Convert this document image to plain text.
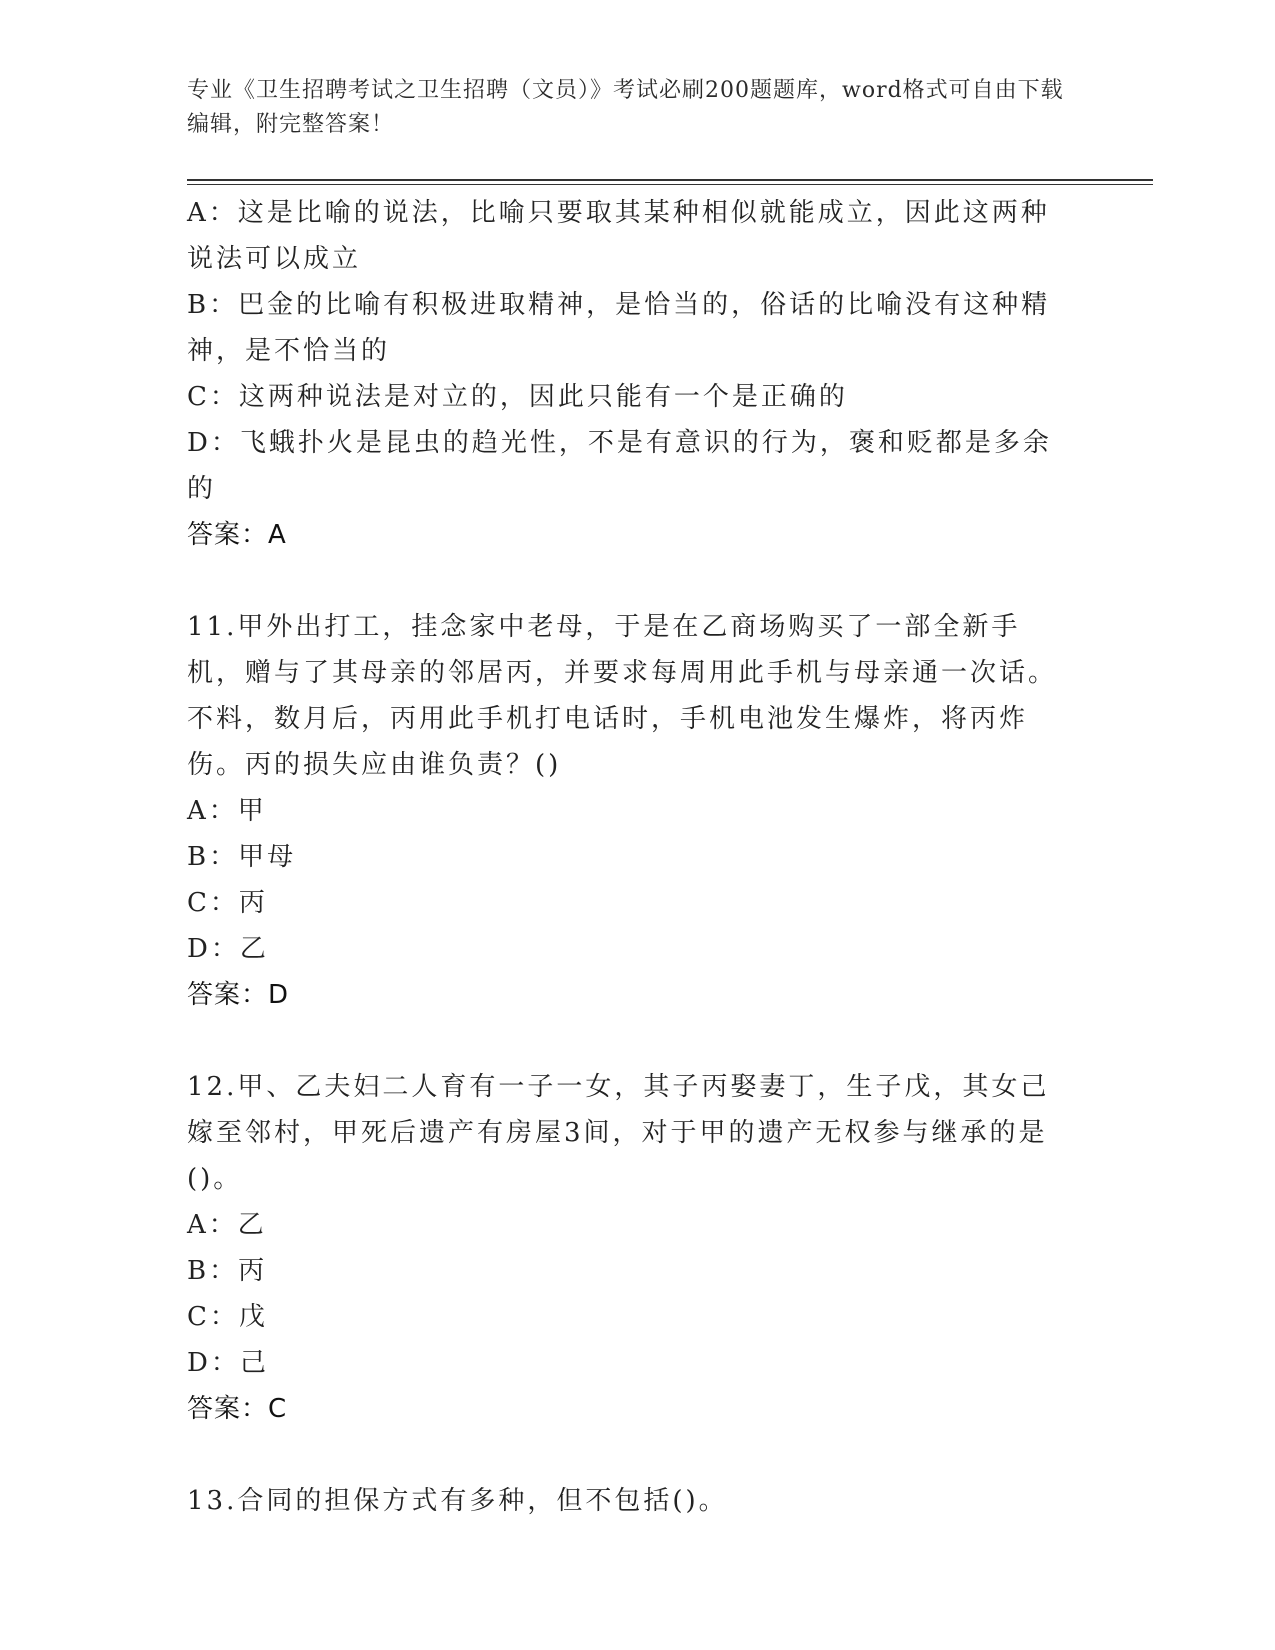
专业《卫生招聘考试之卫生招聘（文员）》考试必刷200题题库，word格式可自由下载编辑，附完整答案！

A：这是比喻的说法，比喻只要取其某种相似就能成立，因此这两种说法可以成立

B：巴金的比喻有积极进取精神，是恰当的，俗话的比喻没有这种精神，是不恰当的

C：这两种说法是对立的，因此只能有一个是正确的

D：飞蛾扑火是昆虫的趋光性，不是有意识的行为，褒和贬都是多余的

答案：A

11.甲外出打工，挂念家中老母，于是在乙商场购买了一部全新手机，赠与了其母亲的邻居丙，并要求每周用此手机与母亲通一次话。不料，数月后，丙用此手机打电话时，手机电池发生爆炸，将丙炸伤。丙的损失应由谁负责？()

A：甲

B：甲母

C：丙

D：乙

答案：D

12.甲、乙夫妇二人育有一子一女，其子丙娶妻丁，生子戊，其女己嫁至邻村，甲死后遗产有房屋3间，对于甲的遗产无权参与继承的是()。

A：乙

B：丙

C：戊

D：己

答案：C

13.合同的担保方式有多种，但不包括()。
